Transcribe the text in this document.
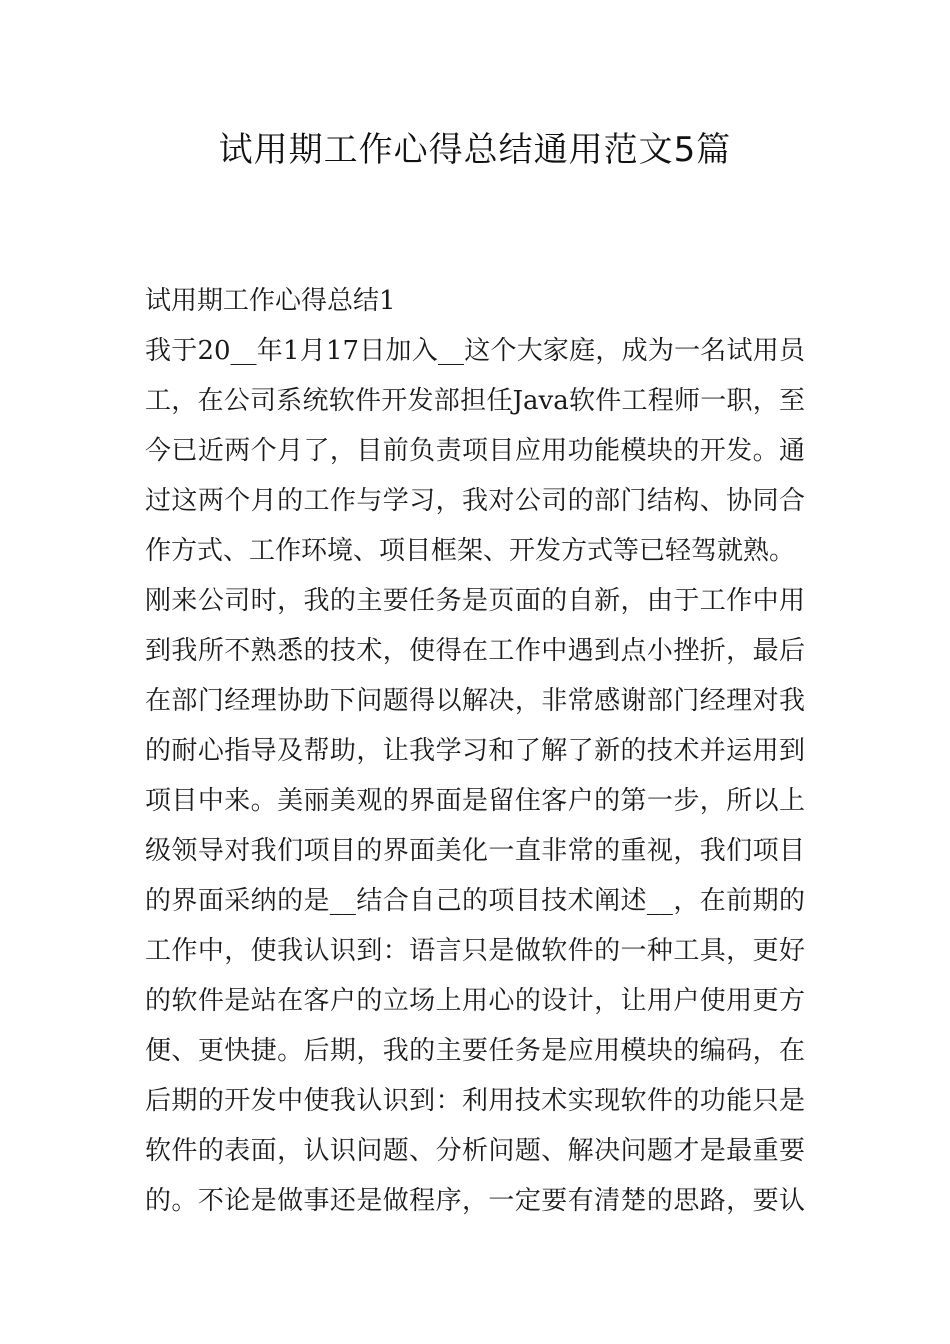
试用期工作心得总结通用范文5篇
试用期工作心得总结1
我于20__年1月17日加入__这个大家庭，成为一名试用员
工，在公司系统软件开发部担任Java软件工程师一职，至
今已近两个月了，目前负责项目应用功能模块的开发。通
过这两个月的工作与学习，我对公司的部门结构、协同合
作方式、工作环境、项目框架、开发方式等已轻驾就熟。
刚来公司时，我的主要任务是页面的自新，由于工作中用
到我所不熟悉的技术，使得在工作中遇到点小挫折，最后
在部门经理协助下问题得以解决，非常感谢部门经理对我
的耐心指导及帮助，让我学习和了解了新的技术并运用到
项目中来。美丽美观的界面是留住客户的第一步，所以上
级领导对我们项目的界面美化一直非常的重视，我们项目
的界面采纳的是__结合自己的项目技术阐述__，在前期的
工作中，使我认识到：语言只是做软件的一种工具，更好
的软件是站在客户的立场上用心的设计，让用户使用更方
便、更快捷。后期，我的主要任务是应用模块的编码，在
后期的开发中使我认识到：利用技术实现软件的功能只是
软件的表面，认识问题、分析问题、解决问题才是最重要
的。不论是做事还是做程序，一定要有清楚的思路，要认
